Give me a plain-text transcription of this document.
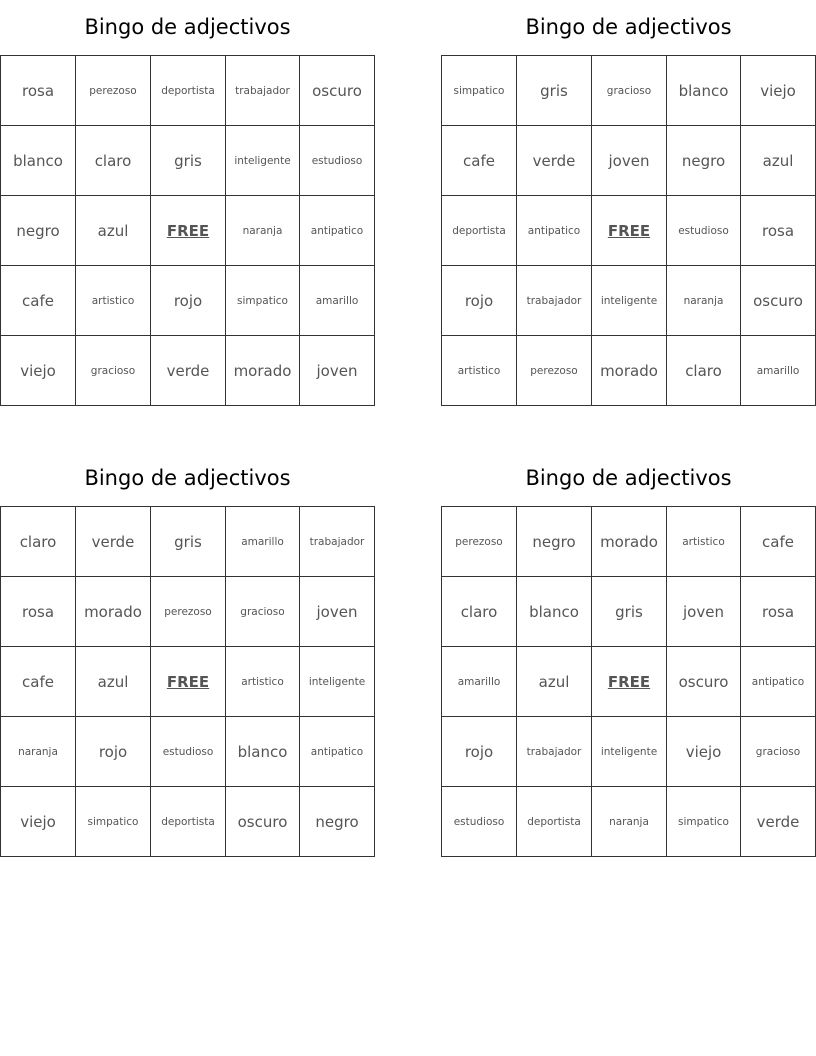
Bingo de adjectivos
rosa	perezoso	deportista	trabajador	oscuro
blanco	claro	gris	inteligente	estudioso
negro	azul	FREE	naranja	antipatico
cafe	artistico	rojo	simpatico	amarillo
viejo	gracioso	verde	morado	joven
Bingo de adjectivos
simpatico	gris	gracioso	blanco	viejo
cafe	verde	joven	negro	azul
deportista	antipatico	FREE	estudioso	rosa
rojo	trabajador	inteligente	naranja	oscuro
artistico	perezoso	morado	claro	amarillo
Bingo de adjectivos
claro	verde	gris	amarillo	trabajador
rosa	morado	perezoso	gracioso	joven
cafe	azul	FREE	artistico	inteligente
naranja	rojo	estudioso	blanco	antipatico
viejo	simpatico	deportista	oscuro	negro
Bingo de adjectivos
perezoso	negro	morado	artistico	cafe
claro	blanco	gris	joven	rosa
amarillo	azul	FREE	oscuro	antipatico
rojo	trabajador	inteligente	viejo	gracioso
estudioso	deportista	naranja	simpatico	verde
